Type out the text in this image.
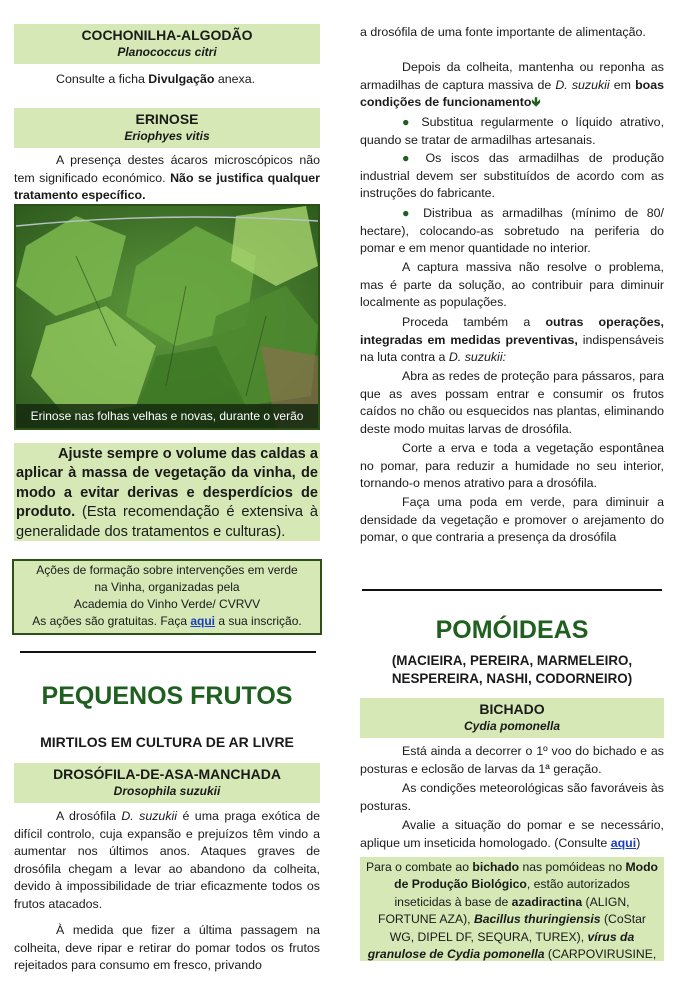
COCHONILHA-ALGODÃO
Planococcus citri

Consulte a ficha Divulgação anexa.

ERINOSE
Eriophyes vitis

A presença destes ácaros microscópicos não tem significado económico. Não se justifica qualquer tratamento específico.

Erinose nas folhas velhas e novas, durante o verão

Ajuste sempre o volume das caldas a aplicar à massa de vegetação da vinha, de modo a evitar derivas e desperdícios de produto. (Esta recomendação é extensiva à generalidade dos tratamentos e culturas).

Ações de formação sobre intervenções em verde
na Vinha, organizadas pela
Academia do Vinho Verde/ CVRVV
As ações são gratuitas. Faça aqui a sua inscrição.
PEQUENOS FRUTOS
MIRTILOS EM CULTURA DE AR LIVRE
DROSÓFILA-DE-ASA-MANCHADA
Drosophila suzukii

A drosófila D. suzukii é uma praga exótica de difícil controlo, cuja expansão e prejuízos têm vindo a aumentar nos últimos anos. Ataques graves de drosófila chegam a levar ao abandono da colheita, devido à impossibilidade de triar eficazmente todos os frutos atacados.

À medida que fizer a última passagem na colheita, deve ripar e retirar do pomar todos os frutos rejeitados para consumo em fresco, privando

a drosófila de uma fonte importante de alimentação.

Depois da colheita, mantenha ou reponha as armadilhas de captura massiva de D. suzukii em boas condições de funcionamento🡻

● Substitua regularmente o líquido atrativo, quando se tratar de armadilhas artesanais.

● Os iscos das armadilhas de produção industrial devem ser substituídos de acordo com as instruções do fabricante.

● Distribua as armadilhas (mínimo de 80/ hectare), colocando-as sobretudo na periferia do pomar e em menor quantidade no interior.

A captura massiva não resolve o problema, mas é parte da solução, ao contribuir para diminuir localmente as populações.

Proceda também a outras operações, integradas em medidas preventivas, indispensáveis na luta contra a D. suzukii:

Abra as redes de proteção para pássaros, para que as aves possam entrar e consumir os frutos caídos no chão ou esquecidos nas plantas, eliminando deste modo muitas larvas de drosófila.

Corte a erva e toda a vegetação espontânea no pomar, para reduzir a humidade no seu interior, tornando-o menos atrativo para a drosófila.

Faça uma poda em verde, para diminuir a densidade da vegetação e promover o arejamento do pomar, o que contraria a presença da drosófila

POMÓIDEAS
(MACIEIRA, PEREIRA, MARMELEIRO, NESPEREIRA, NASHI, CODORNEIRO)
BICHADO
Cydia pomonella

Está ainda a decorrer o 1º voo do bichado e as posturas e eclosão de larvas da 1ª geração.

As condições meteorológicas são favoráveis às posturas.

Avalie a situação do pomar e se necessário, aplique um inseticida homologado. (Consulte aqui)

Para o combate ao bichado nas pomóideas no Modo de Produção Biológico, estão autorizados inseticidas à base de azadiractina (ALIGN, FORTUNE AZA), Bacillus thuringiensis (CoStar WG, DIPEL DF, SEQURA, TUREX), vírus da granulose de Cydia pomonella (CARPOVIRUSINE,
